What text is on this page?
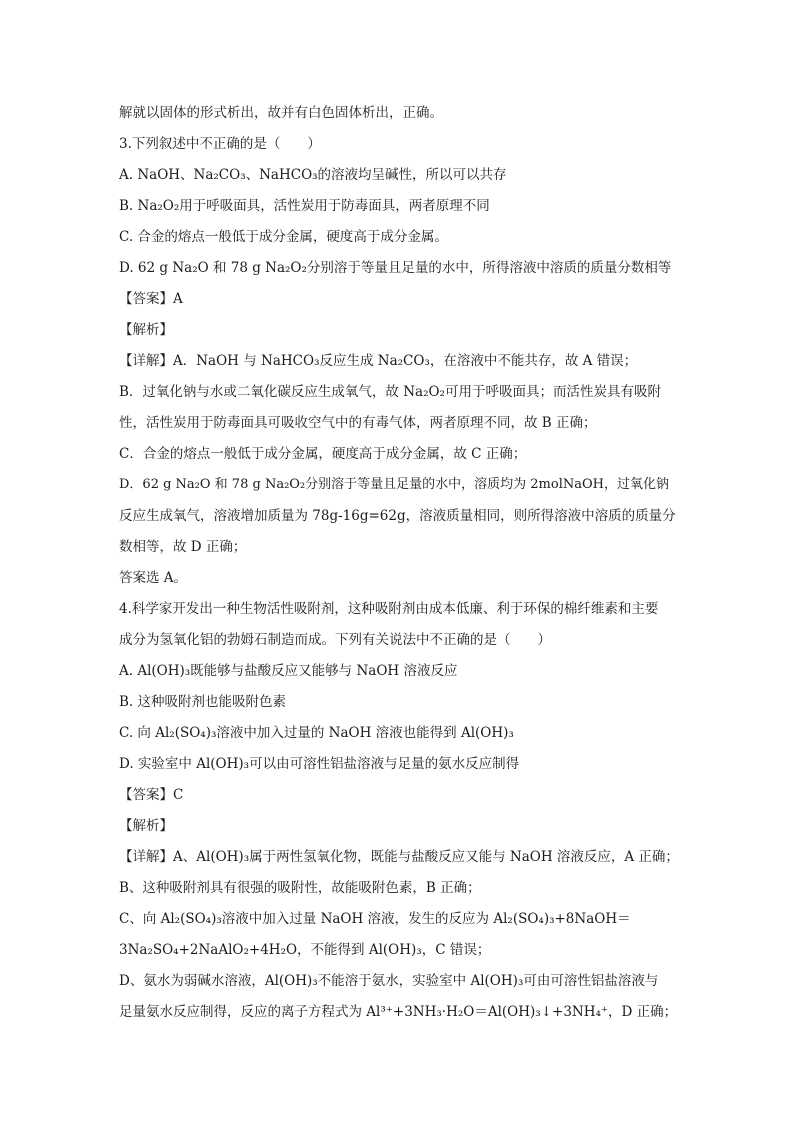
解就以固体的形式析出，故并有白色固体析出，正确。
3.下列叙述中不正确的是（　　）
A. NaOH、Na₂CO₃、NaHCO₃的溶液均呈碱性，所以可以共存
B. Na₂O₂用于呼吸面具，活性炭用于防毒面具，两者原理不同
C. 合金的熔点一般低于成分金属，硬度高于成分金属。
D. 62 g Na₂O 和 78 g Na₂O₂分别溶于等量且足量的水中，所得溶液中溶质的质量分数相等
【答案】A
【解析】
【详解】A．NaOH 与 NaHCO₃反应生成 Na₂CO₃，在溶液中不能共存，故 A 错误；
B．过氧化钠与水或二氧化碳反应生成氧气，故 Na₂O₂可用于呼吸面具；而活性炭具有吸附
性，活性炭用于防毒面具可吸收空气中的有毒气体，两者原理不同，故 B 正确；
C．合金的熔点一般低于成分金属，硬度高于成分金属，故 C 正确；
D．62 g Na₂O 和 78 g Na₂O₂分别溶于等量且足量的水中，溶质均为 2molNaOH，过氧化钠
反应生成氧气，溶液增加质量为 78g-16g=62g，溶液质量相同，则所得溶液中溶质的质量分
数相等，故 D 正确；
答案选 A。
4.科学家开发出一种生物活性吸附剂，这种吸附剂由成本低廉、利于环保的棉纤维素和主要
成分为氢氧化铝的勃姆石制造而成。下列有关说法中不正确的是（　　）
A. Al(OH)₃既能够与盐酸反应又能够与 NaOH 溶液反应
B. 这种吸附剂也能吸附色素
C. 向 Al₂(SO₄)₃溶液中加入过量的 NaOH 溶液也能得到 Al(OH)₃
D. 实验室中 Al(OH)₃可以由可溶性铝盐溶液与足量的氨水反应制得
【答案】C
【解析】
【详解】A、Al(OH)₃属于两性氢氧化物，既能与盐酸反应又能与 NaOH 溶液反应，A 正确；
B、这种吸附剂具有很强的吸附性，故能吸附色素，B 正确；
C、向 Al₂(SO₄)₃溶液中加入过量 NaOH 溶液，发生的反应为 Al₂(SO₄)₃+8NaOH＝
3Na₂SO₄+2NaAlO₂+4H₂O，不能得到 Al(OH)₃，C 错误；
D、氨水为弱碱水溶液，Al(OH)₃不能溶于氨水，实验室中 Al(OH)₃可由可溶性铝盐溶液与
足量氨水反应制得，反应的离子方程式为 Al³⁺+3NH₃·H₂O＝Al(OH)₃↓+3NH₄⁺，D 正确；
